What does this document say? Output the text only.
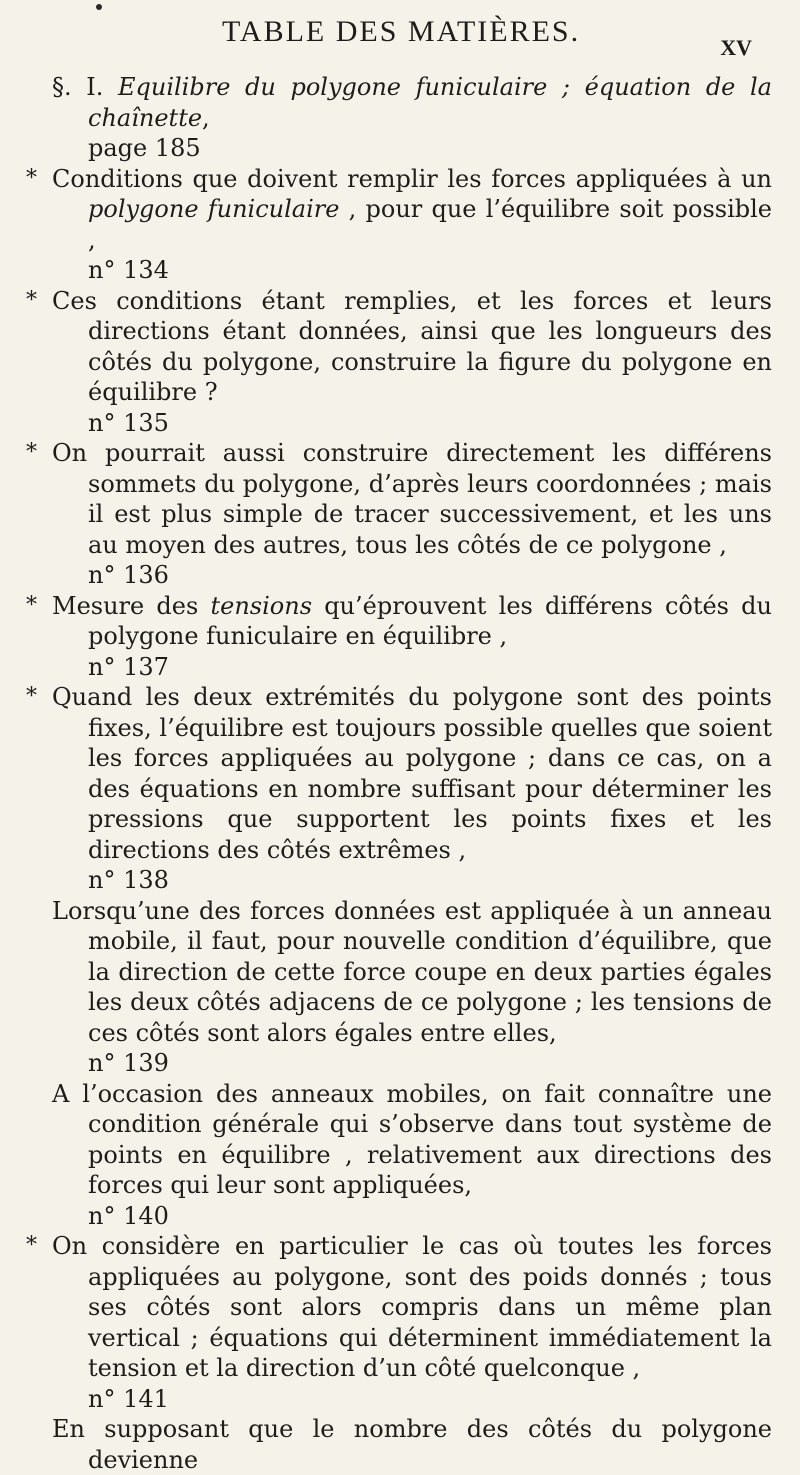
TABLE DES MATIÈRES.	XV
§. I. Equilibre du polygone funiculaire ; équation de la chaînette,
page 185
* Conditions que doivent remplir les forces appliquées à un polygone funiculaire , pour que l’équilibre soit possible ,
n° 134
* Ces conditions étant remplies, et les forces et leurs directions étant données, ainsi que les longueurs des côtés du polygone, construire la figure du polygone en équilibre ?
n° 135
* On pourrait aussi construire directement les différens sommets du polygone, d’après leurs coordonnées ; mais il est plus simple de tracer successivement, et les uns au moyen des autres, tous les côtés de ce polygone ,
n° 136
* Mesure des tensions qu’éprouvent les différens côtés du polygone funiculaire en équilibre ,
n° 137
* Quand les deux extrémités du polygone sont des points fixes, l’équilibre est toujours possible quelles que soient les forces appliquées au polygone ; dans ce cas, on a des équations en nombre suffisant pour déterminer les pressions que supportent les points fixes et les directions des côtés extrêmes ,
n° 138
Lorsqu’une des forces données est appliquée à un anneau mobile, il faut, pour nouvelle condition d’équilibre, que la direction de cette force coupe en deux parties égales les deux côtés adjacens de ce polygone ; les tensions de ces côtés sont alors égales entre elles,
n° 139
A l’occasion des anneaux mobiles, on fait connaître une condition générale qui s’observe dans tout système de points en équilibre , relativement aux directions des forces qui leur sont appliquées,
n° 140
* On considère en particulier le cas où toutes les forces appliquées au polygone, sont des poids donnés ; tous ses côtés sont alors compris dans un même plan vertical ; équations qui déterminent immédiatement la tension et la direction d’un côté quelconque ,
n° 141
En supposant que le nombre des côtés du polygone devienne
